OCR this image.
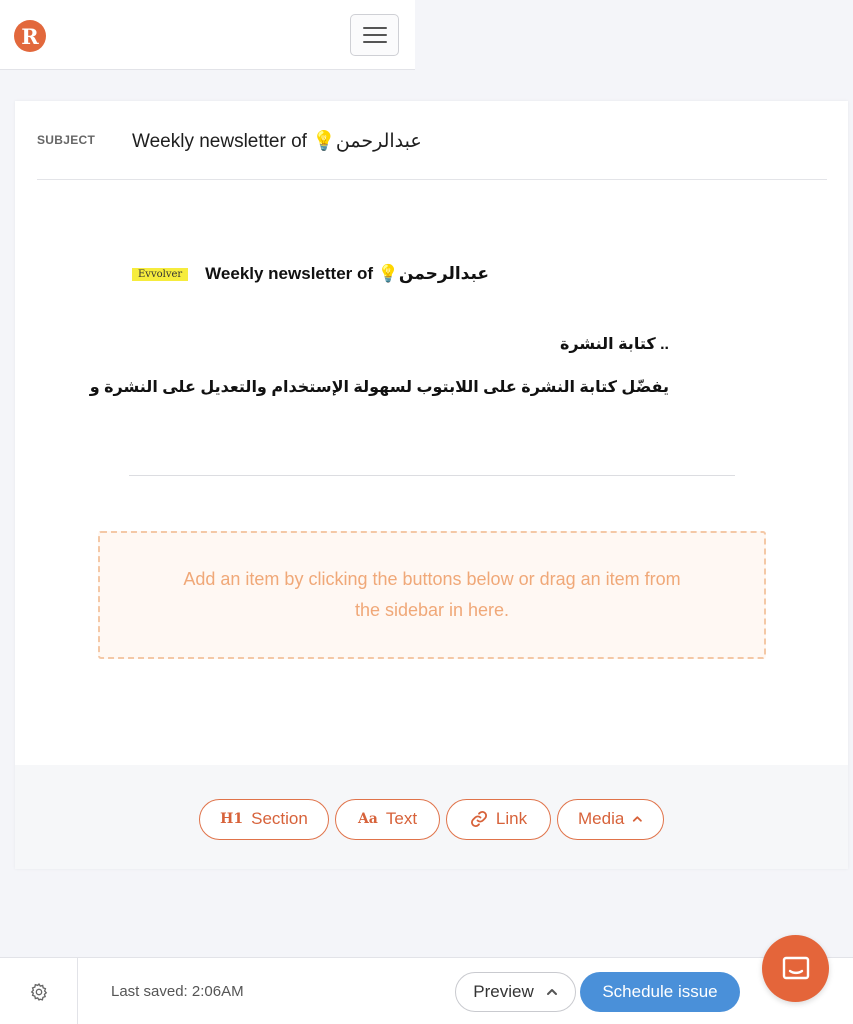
R
SUBJECT Weekly newsletter of 💡عبدالرحمن
Evvolver	Weekly newsletter of 💡عبدالرحمن
.. كتابة النشرة
يفضّل كتابة النشرة على اللابتوب لسهولة الإستخدام والتعديل على النشرة و
Add an item by clicking the buttons below or drag an item from the sidebar in here.
H1 Section	Aa Text	Link	Media
Last saved: 2:06AM	Preview	Schedule issue
